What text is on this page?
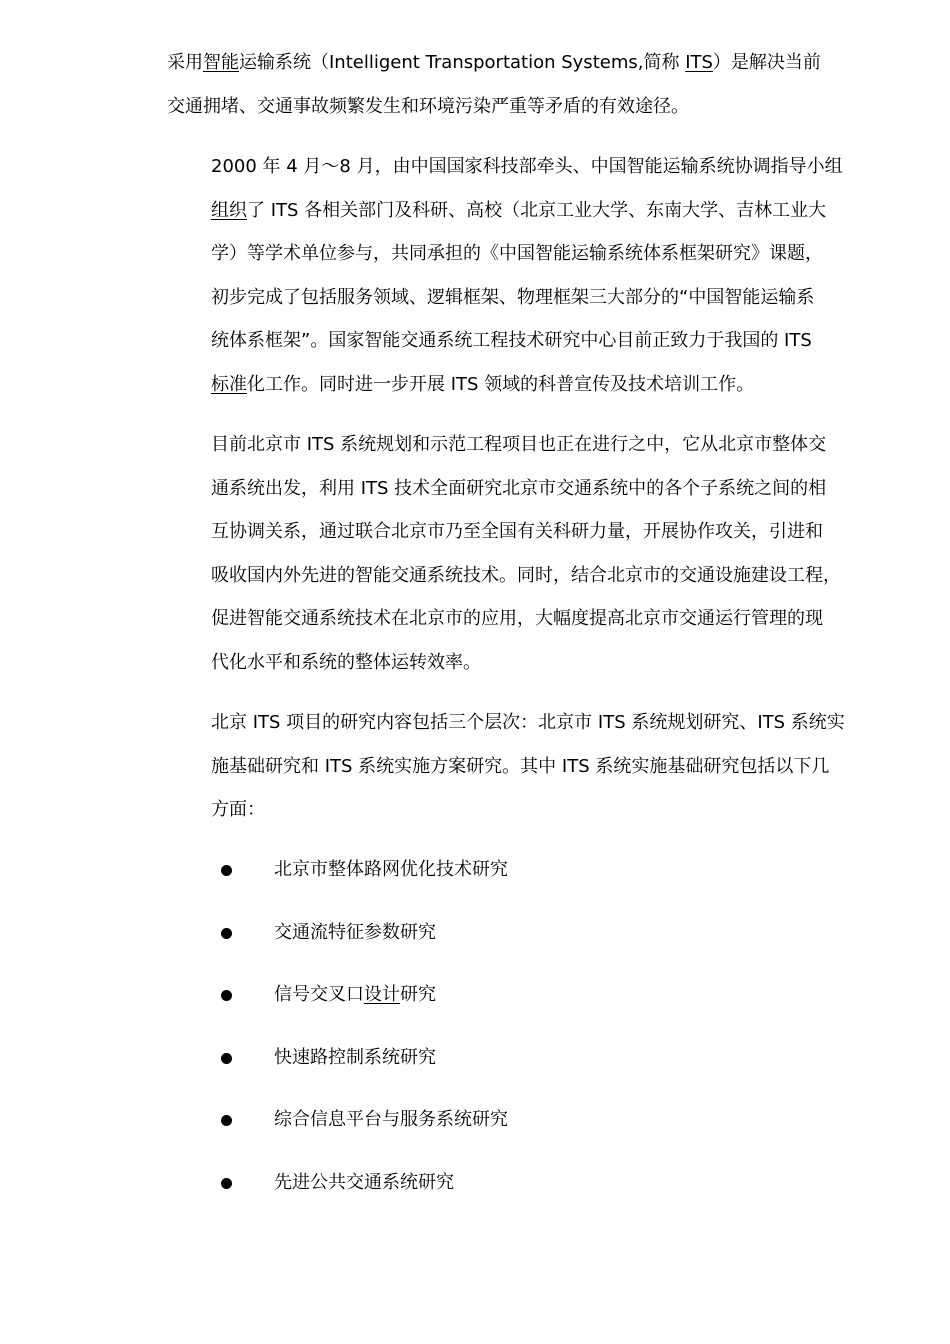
采用智能运输系统（Intelligent Transportation Systems,简称 ITS）是解决当前
交通拥堵、交通事故频繁发生和环境污染严重等矛盾的有效途径。

2000 年 4 月～8 月，由中国国家科技部牵头、中国智能运输系统协调指导小组
组织了 ITS 各相关部门及科研、高校（北京工业大学、东南大学、吉林工业大
学）等学术单位参与，共同承担的《中国智能运输系统体系框架研究》课题，
初步完成了包括服务领域、逻辑框架、物理框架三大部分的“中国智能运输系
统体系框架”。国家智能交通系统工程技术研究中心目前正致力于我国的 ITS
标准化工作。同时进一步开展 ITS 领域的科普宣传及技术培训工作。

目前北京市 ITS 系统规划和示范工程项目也正在进行之中，它从北京市整体交
通系统出发，利用 ITS 技术全面研究北京市交通系统中的各个子系统之间的相
互协调关系，通过联合北京市乃至全国有关科研力量，开展协作攻关，引进和
吸收国内外先进的智能交通系统技术。同时，结合北京市的交通设施建设工程，
促进智能交通系统技术在北京市的应用，大幅度提高北京市交通运行管理的现
代化水平和系统的整体运转效率。

北京 ITS 项目的研究内容包括三个层次：北京市 ITS 系统规划研究、ITS 系统实
施基础研究和 ITS 系统实施方案研究。其中 ITS 系统实施基础研究包括以下几
方面：

北京市整体路网优化技术研究
交通流特征参数研究
信号交叉口设计研究
快速路控制系统研究
综合信息平台与服务系统研究
先进公共交通系统研究
